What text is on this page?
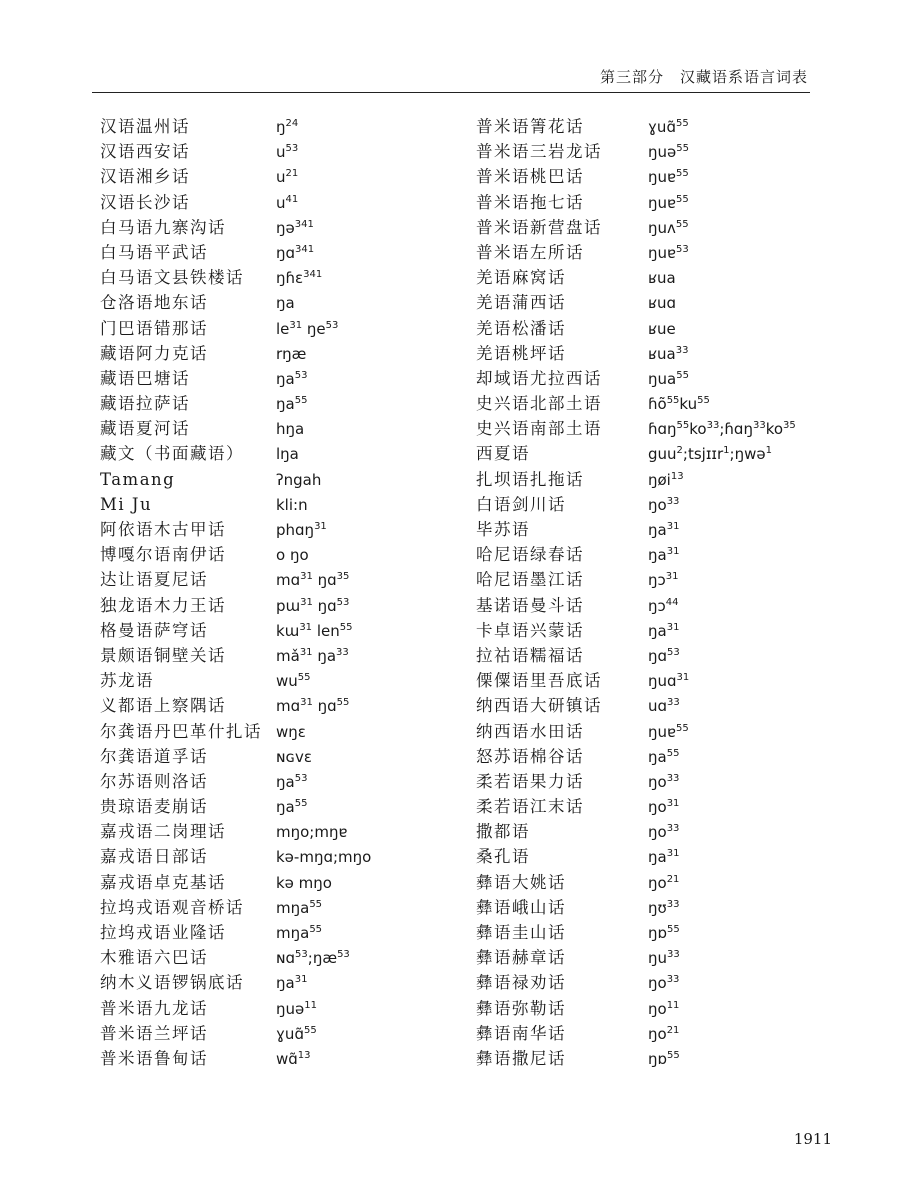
第三部分　汉藏语系语言词表
汉语温州话	$ŋ^{24}$
汉语西安话	$u^{53}$
汉语湘乡话	$u^{21}$
汉语长沙话	$u^{41}$
白马语九寨沟话	ŋə$^{341}$
白马语平武话	ŋɑ$^{341}$
白马语文县铁楼话	ŋɦɛ$^{341}$
仓洛语地东话	ŋa
门巴语错那话	$le^{31}$ $ŋe^{53}$
藏语阿力克话	rŋæ
藏语巴塘话	$ŋa^{53}$
藏语拉萨话	$ŋa^{55}$
藏语夏河话	hŋa
藏文（书面藏语）	lŋa
Tamang	ʔngah
Mi Ju	kli:n
阿依语木古甲话	phɑŋ$^{31}$
博嘎尔语南伊话	o ŋo
达让语夏尼话	mɑ$^{31}$ ŋɑ$^{35}$
独龙语木力王话	pɯ$^{31}$ ŋɑ$^{53}$
格曼语萨穹话	kɯ$^{31}$ len$^{55}$
景颇语铜壁关话	$mǎ^{31}$ $ŋa^{33}$
苏龙语	$wu^{55}$
义都语上察隅话	mɑ$^{31}$ ŋɑ$^{55}$
尔龚语丹巴革什扎话 wŋɛ
尔龚语道孚话	ɴɢvɛ
尔苏语则洛话	$ŋa^{53}$
贵琼语麦崩话	$ŋa^{55}$
嘉戎语二岗理话	mŋo;mŋɐ
嘉戎语日部话	kə-mŋɑ;mŋo
嘉戎语卓克基话	kə mŋo
拉坞戎语观音桥话	mŋa$^{55}$
拉坞戎语业隆话	mŋa$^{55}$
木雅语六巴话	$ɴɑ^{53};ŋæ^{53}$
纳木义语锣锅底话	$ŋa^{31}$
普米语九龙话	ŋuə$^{11}$
普米语兰坪话	ɣuɑ̃$^{55}$
普米语鲁甸话	wɑ̃$^{13}$
普米语箐花话	ɣuɑ̃$^{55}$
普米语三岩龙话	ŋuə$^{55}$
普米语桃巴话	ŋuɐ$^{55}$
普米语拖七话	ŋuɐ$^{55}$
普米语新营盘话	ŋuʌ$^{55}$
普米语左所话	ŋuɐ$^{53}$
羌语麻窝话	ʁua
羌语蒲西话	ʁuɑ
羌语松潘话	ʁue
羌语桃坪话	ʁua$^{33}$
却域语尤拉西话	ŋua$^{55}$
史兴语北部土语	$ɦõ^{55}ku^{55}$
史兴语南部土语	$ɦɑŋ^{55}ko^{33};ɦɑŋ^{33}ko^{35}$
西夏语	guu$^2$;tsjɪɪr$^1$;ŋwə$^1$
扎坝语扎拖话	ŋøi$^{13}$
白语剑川话	$ŋo^{33}$
毕苏语	$ŋa^{31}$
哈尼语绿春话	$ŋa^{31}$
哈尼语墨江话	ŋɔ$^{31}$
基诺语曼斗话	ŋɔ$^{44}$
卡卓语兴蒙话	$ŋa^{31}$
拉祜语糯福话	ŋɑ$^{53}$
傈僳语里吾底话	ŋuɑ$^{31}$
纳西语大研镇话	uɑ$^{33}$
纳西语水田话	ŋuɐ$^{55}$
怒苏语棉谷话	$ŋa^{55}$
柔若语果力话	$ŋo^{33}$
柔若语江末话	$ŋo^{31}$
撒都语	$ŋo^{33}$
桑孔语	$ŋa^{31}$
彝语大姚话	$ŋo^{21}$
彝语峨山话	ŋʊ$^{33}$
彝语圭山话	ŋɒ$^{55}$
彝语赫章话	$ŋu^{33}$
彝语禄劝话	$ŋo^{33}$
彝语弥勒话	$ŋo^{11}$
彝语南华话	$ŋo^{21}$
彝语撒尼话	ŋɒ$^{55}$
1911
